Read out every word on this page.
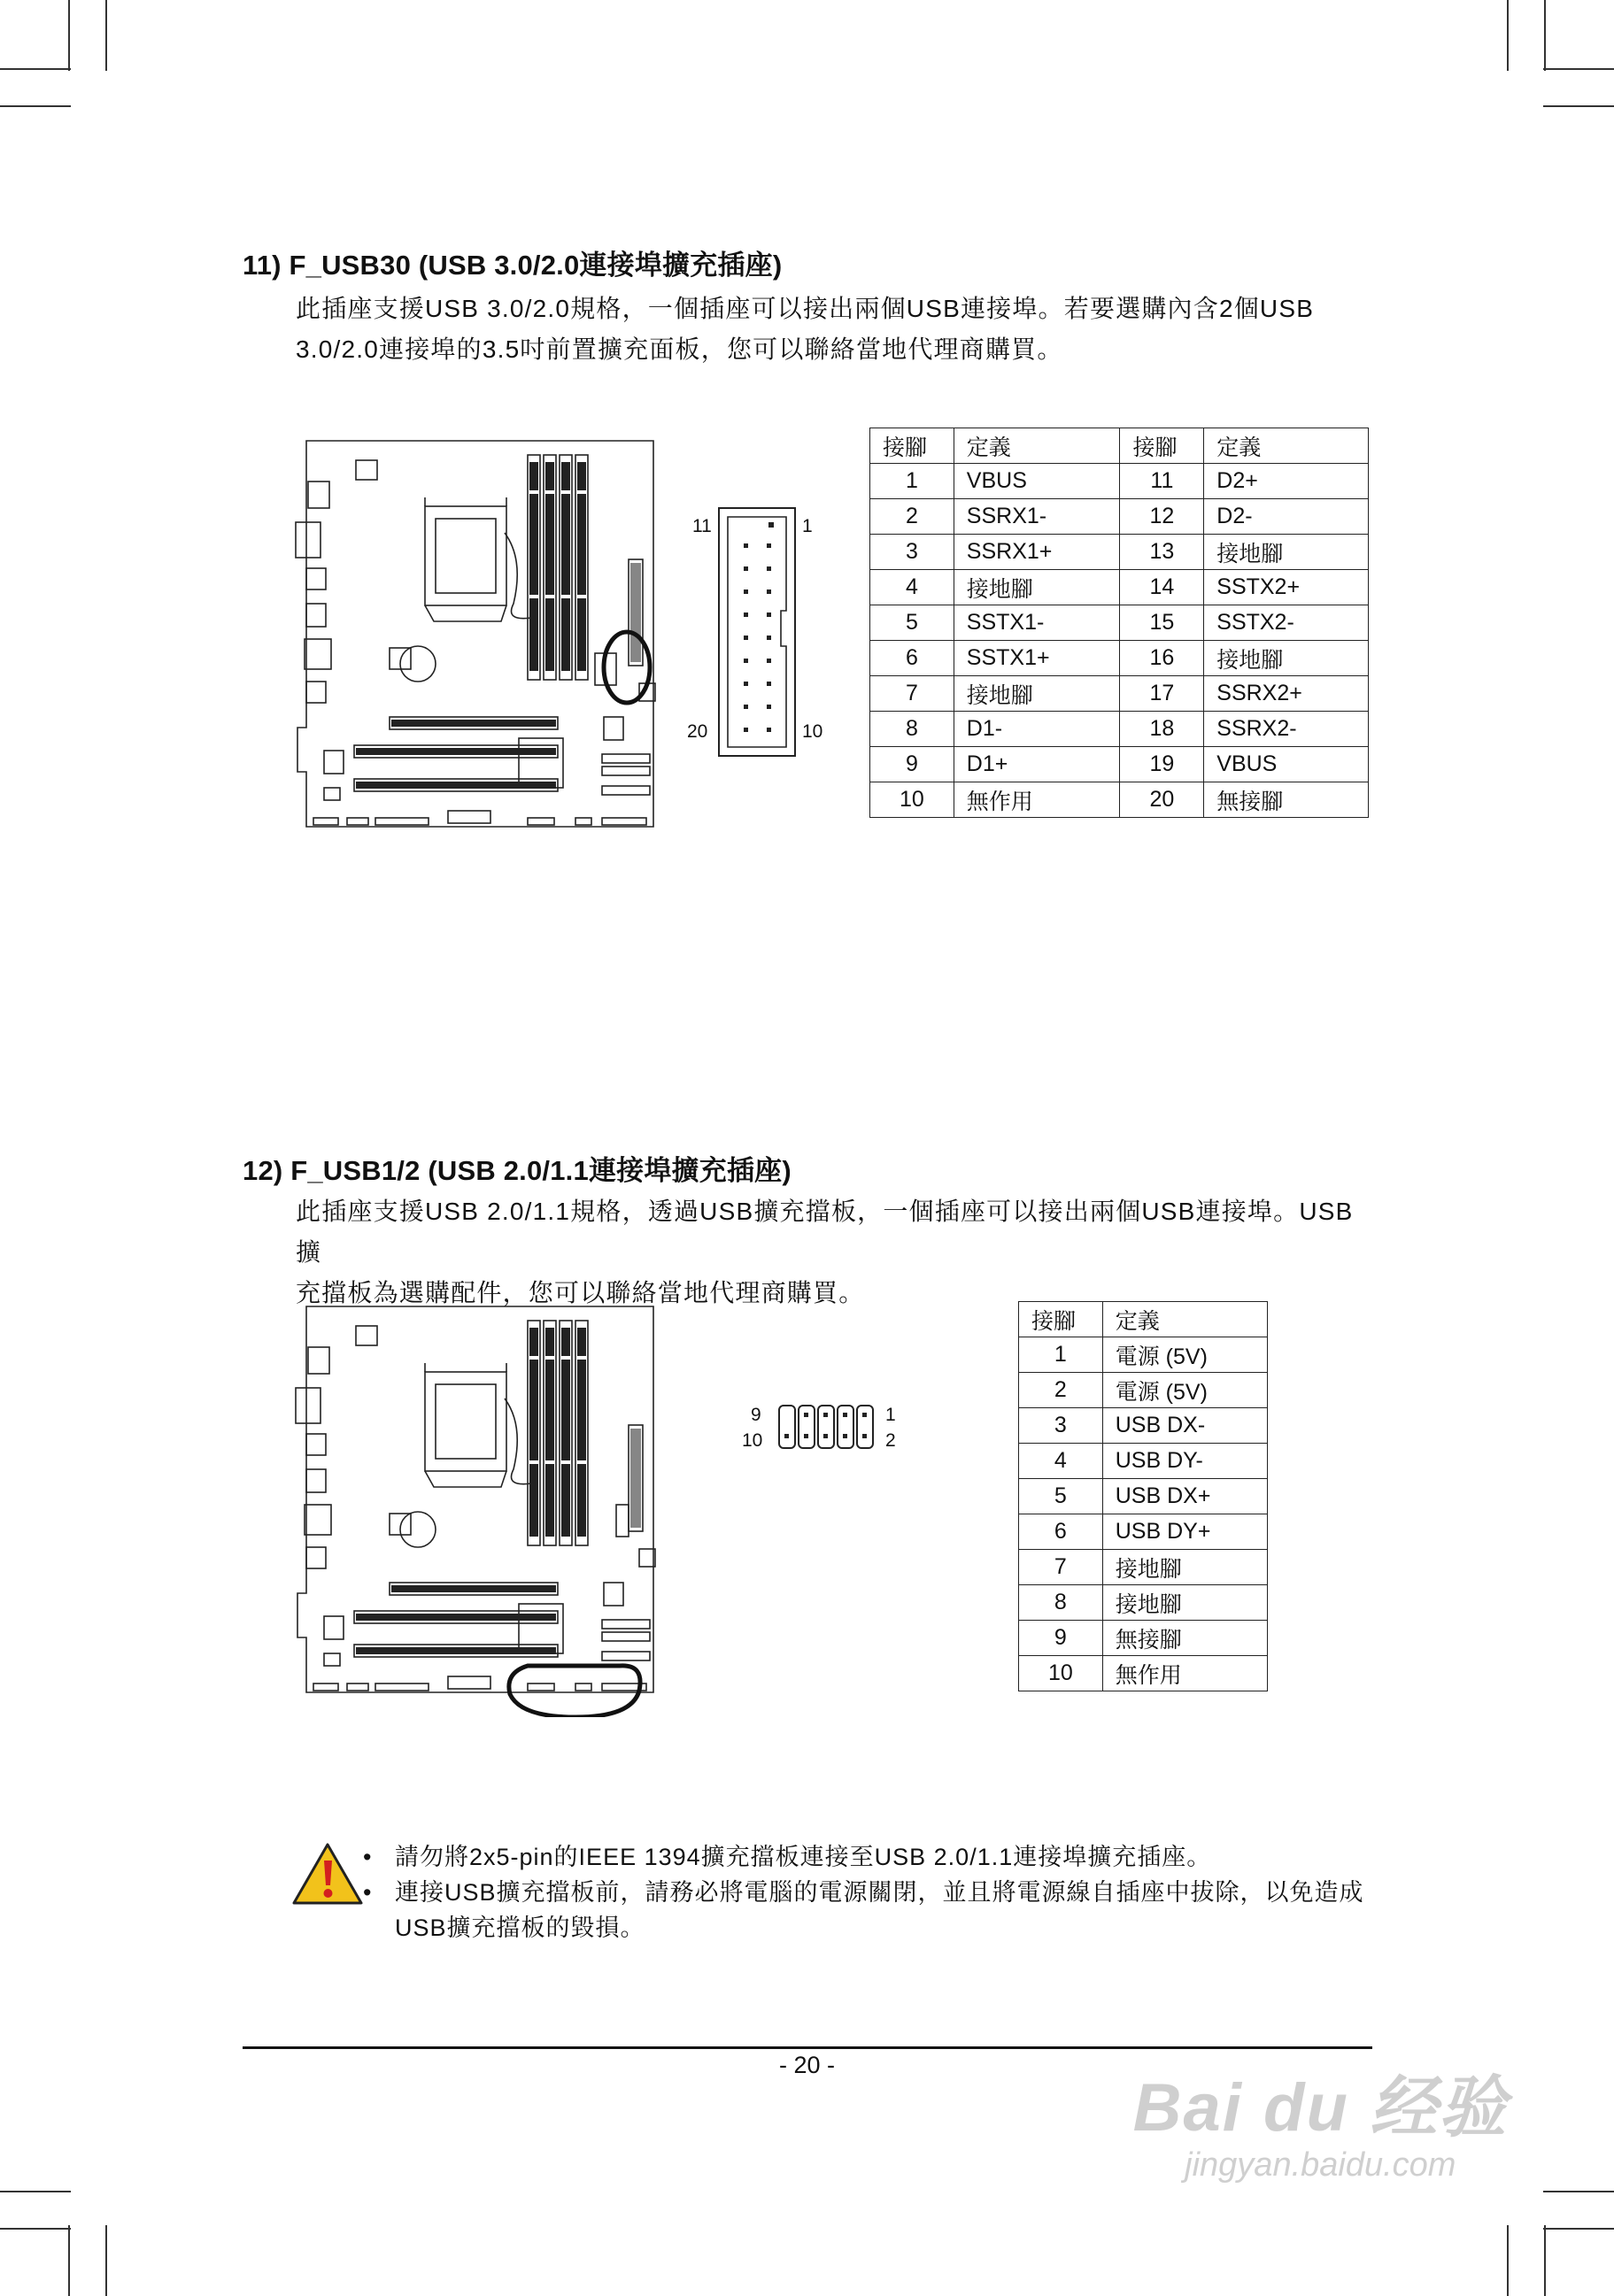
11) F_USB30 (USB 3.0/2.0連接埠擴充插座)
此插座支援USB 3.0/2.0規格，一個插座可以接出兩個USB連接埠。若要選購內含2個USB
3.0/2.0連接埠的3.5吋前置擴充面板，您可以聯絡當地代理商購買。
11	1
20	10
接腳	定義	接腳	定義
1	VBUS	11	D2+
2	SSRX1-	12	D2-
3	SSRX1+	13	接地腳
4	接地腳	14	SSTX2+
5	SSTX1-	15	SSTX2-
6	SSTX1+	16	接地腳
7	接地腳	17	SSRX2+
8	D1-	18	SSRX2-
9	D1+	19	VBUS
10	無作用	20	無接腳
12) F_USB1/2 (USB 2.0/1.1連接埠擴充插座)
此插座支援USB 2.0/1.1規格，透過USB擴充擋板，一個插座可以接出兩個USB連接埠。USB擴
充擋板為選購配件，您可以聯絡當地代理商購買。
9
10
1
2
接腳	定義
1	電源 (5V)
2	電源 (5V)
3	USB DX-
4	USB DY-
5	USB DX+
6	USB DY+
7	接地腳
8	接地腳
9	無接腳
10	無作用
• 請勿將2x5-pin的IEEE 1394擴充擋板連接至USB 2.0/1.1連接埠擴充插座。
• 連接USB擴充擋板前，請務必將電腦的電源關閉，並且將電源線自插座中拔除，以免造成USB擴充擋板的毀損。
- 20 -
Bai du 经验
jingyan.baidu.com
